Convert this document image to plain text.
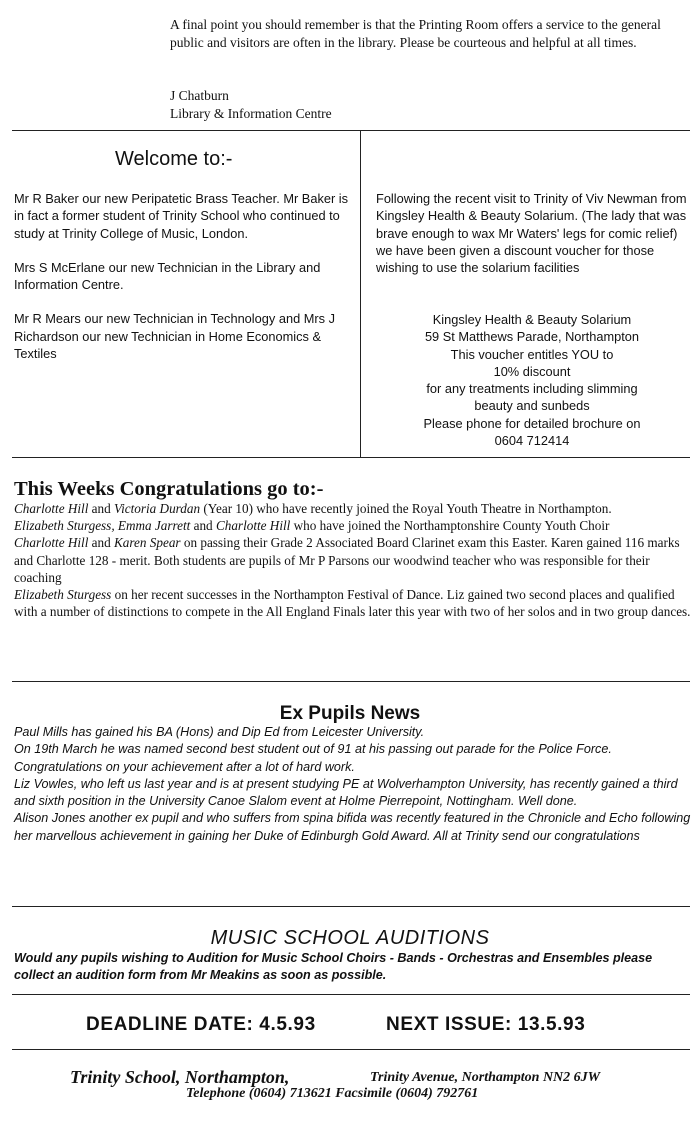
A final point you should remember is that the Printing Room offers a service to the general public and visitors are often in the library. Please be courteous and helpful at all times.

J Chatburn
Library & Information Centre
Welcome to:-

Mr R Baker our new Peripatetic Brass Teacher. Mr Baker is in fact a former student of Trinity School who continued to study at Trinity College of Music, London.

Mrs S McErlane our new Technician in the Library and Information Centre.

Mr R Mears our new Technician in Technology and Mrs J Richardson our new Technician in Home Economics & Textiles

Following the recent visit to Trinity of Viv Newman from Kingsley Health & Beauty Solarium. (The lady that was brave enough to wax Mr Waters' legs for comic relief) we have been given a discount voucher for those wishing to use the solarium facilities

Kingsley Health & Beauty Solarium
59 St Matthews Parade, Northampton
This voucher entitles YOU to
10% discount
for any treatments including slimming
beauty and sunbeds
Please phone for detailed brochure on
0604 712414
This Weeks Congratulations go to:-

Charlotte Hill and Victoria Durdan (Year 10) who have recently joined the Royal Youth Theatre in Northampton.

Elizabeth Sturgess, Emma Jarrett and Charlotte Hill who have joined the Northamptonshire County Youth Choir

Charlotte Hill and Karen Spear on passing their Grade 2 Associated Board Clarinet exam this Easter. Karen gained 116 marks and Charlotte 128 - merit. Both students are pupils of Mr P Parsons our woodwind teacher who was responsible for their coaching

Elizabeth Sturgess on her recent successes in the Northampton Festival of Dance. Liz gained two second places and qualified with a number of distinctions to compete in the All England Finals later this year with two of her solos and in two group dances.

Ex Pupils News

Paul Mills has gained his BA (Hons) and Dip Ed from Leicester University.

On 19th March he was named second best student out of 91 at his passing out parade for the Police Force. Congratulations on your achievement after a lot of hard work.

Liz Vowles, who left us last year and is at present studying PE at Wolverhampton University, has recently gained a third and sixth position in the University Canoe Slalom event at Holme Pierrepoint, Nottingham. Well done.

Alison Jones another ex pupil and who suffers from spina bifida was recently featured in the Chronicle and Echo following her marvellous achievement in gaining her Duke of Edinburgh Gold Award. All at Trinity send our congratulations

MUSIC SCHOOL AUDITIONS

Would any pupils wishing to Audition for Music School Choirs - Bands - Orchestras and Ensembles please collect an audition form from Mr Meakins as soon as possible.

DEADLINE DATE: 4.5.93	NEXT ISSUE: 13.5.93
Trinity School, Northampton,	Trinity Avenue, Northampton NN2 6JW
Telephone (0604) 713621 Facsimile (0604) 792761
